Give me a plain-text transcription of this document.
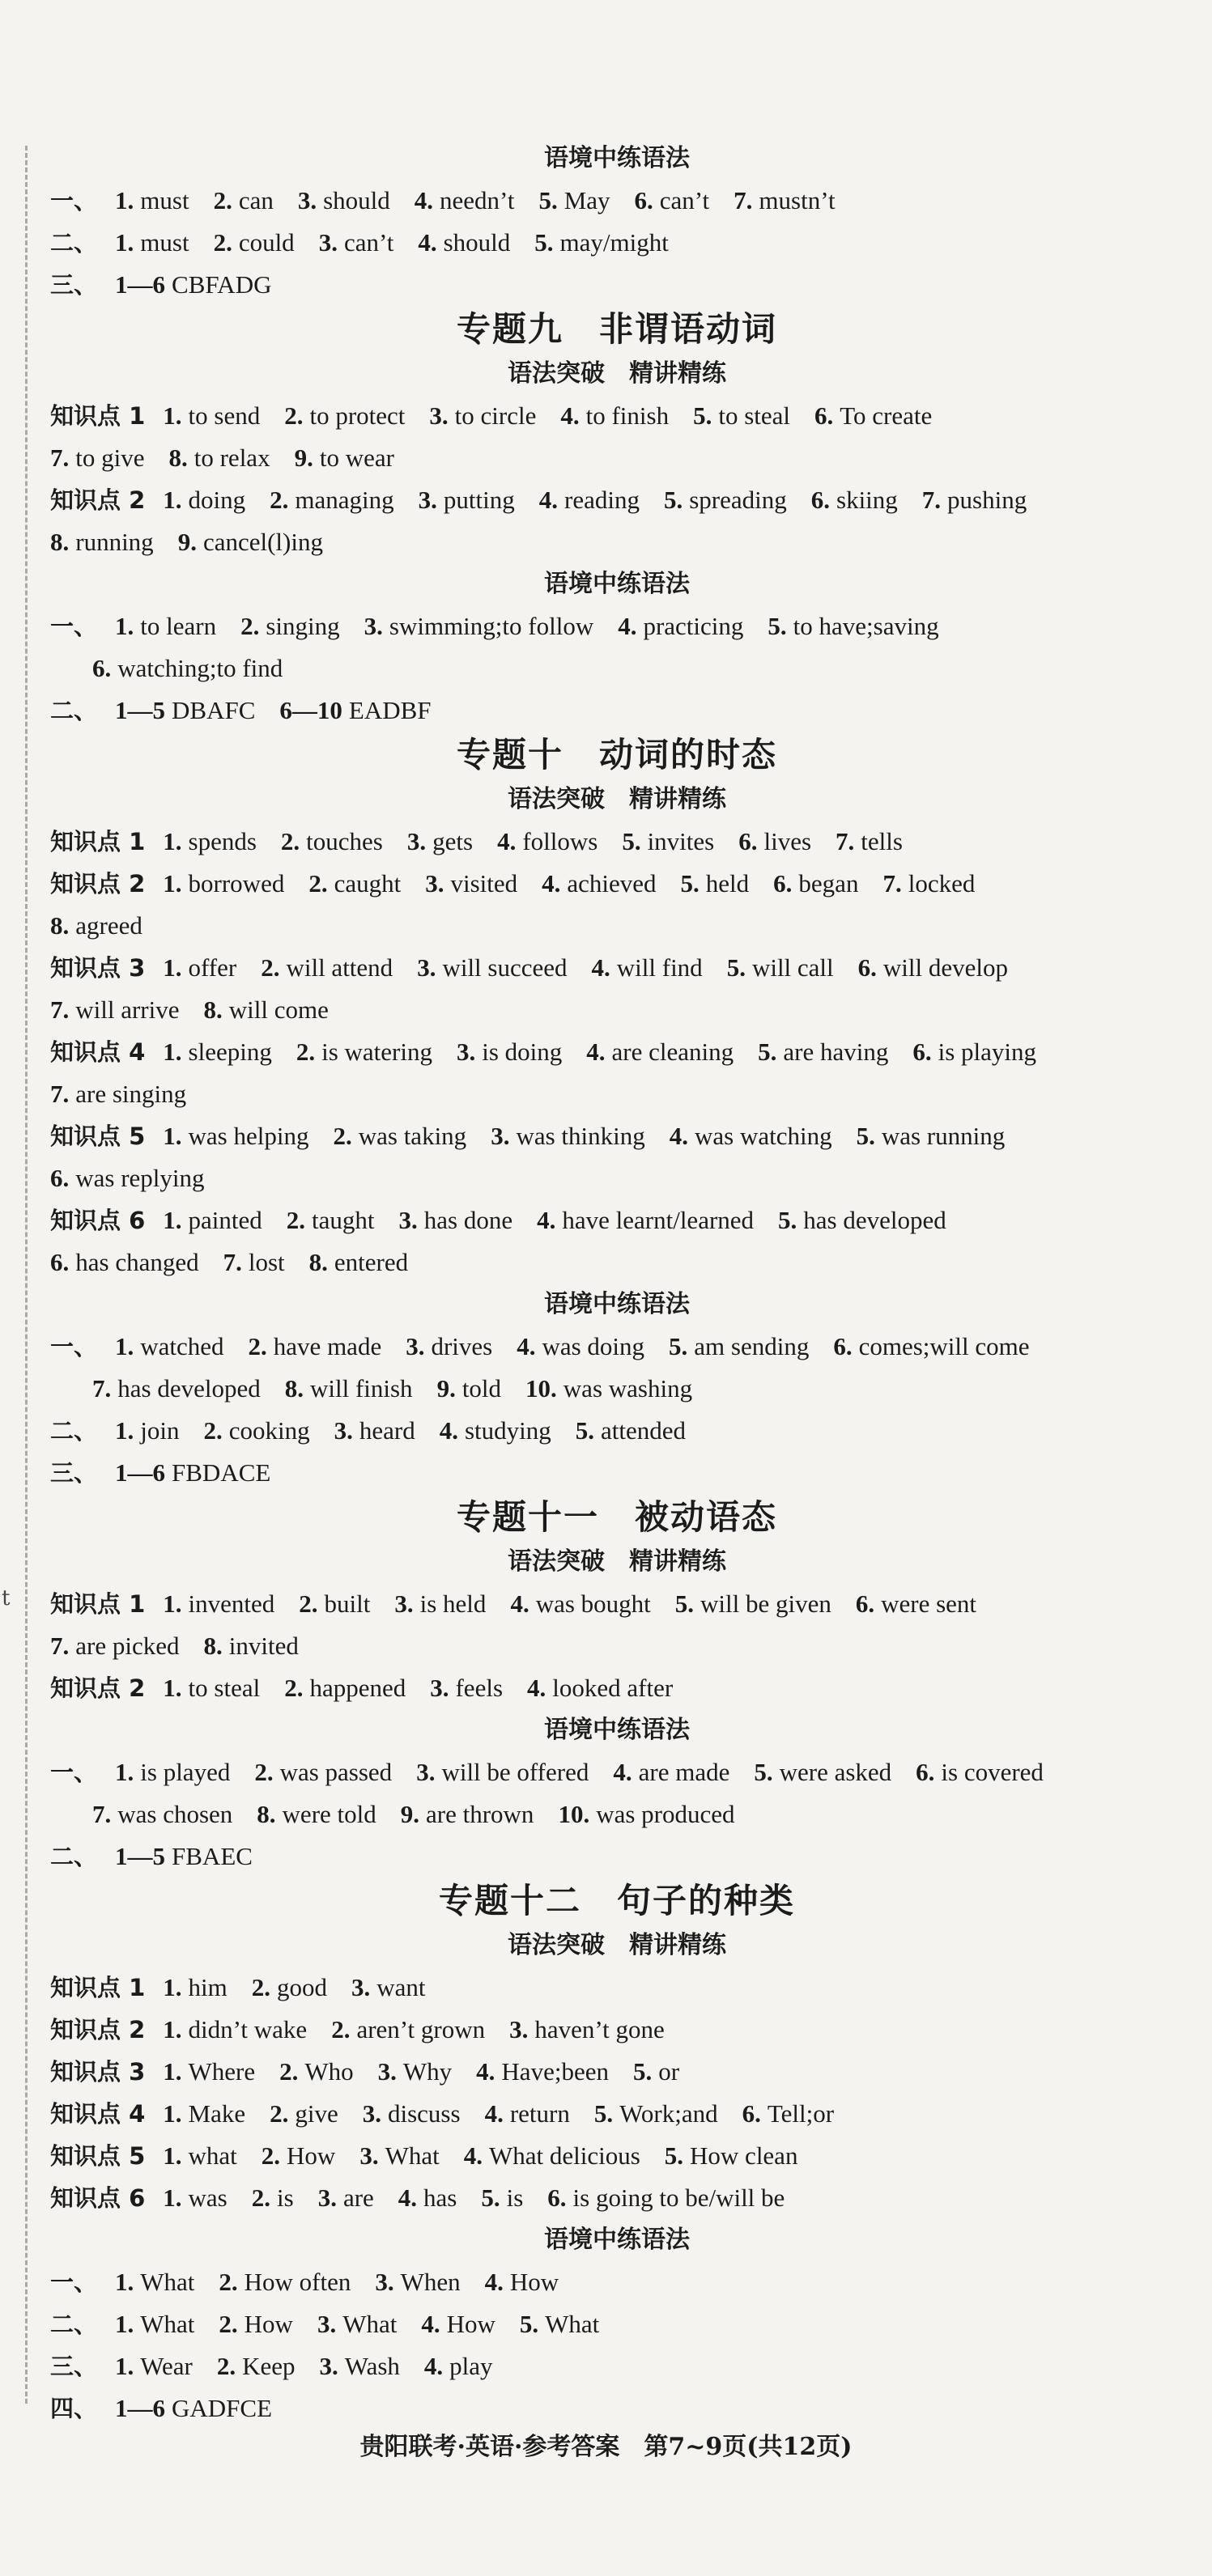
t
语境中练语法
一、 1. must 2. can 3. should 4. needn’t 5. May 6. can’t 7. mustn’t
二、 1. must 2. could 3. can’t 4. should 5. may/might
三、 1—6 CBFADG
专题九　非谓语动词
语法突破　精讲精练
知识点 1 1. to send 2. to protect 3. to circle 4. to finish 5. to steal 6. To create
7. to give 8. to relax 9. to wear
知识点 2 1. doing 2. managing 3. putting 4. reading 5. spreading 6. skiing 7. pushing
8. running 9. cancel(l)ing
语境中练语法
一、 1. to learn 2. singing 3. swimming;to follow 4. practicing 5. to have;saving
6. watching;to find
二、 1—5 DBAFC 6—10 EADBF
专题十　动词的时态
语法突破　精讲精练
知识点 1 1. spends 2. touches 3. gets 4. follows 5. invites 6. lives 7. tells
知识点 2 1. borrowed 2. caught 3. visited 4. achieved 5. held 6. began 7. locked
8. agreed
知识点 3 1. offer 2. will attend 3. will succeed 4. will find 5. will call 6. will develop
7. will arrive 8. will come
知识点 4 1. sleeping 2. is watering 3. is doing 4. are cleaning 5. are having 6. is playing
7. are singing
知识点 5 1. was helping 2. was taking 3. was thinking 4. was watching 5. was running
6. was replying
知识点 6 1. painted 2. taught 3. has done 4. have learnt/learned 5. has developed
6. has changed 7. lost 8. entered
语境中练语法
一、 1. watched 2. have made 3. drives 4. was doing 5. am sending 6. comes;will come
7. has developed 8. will finish 9. told 10. was washing
二、 1. join 2. cooking 3. heard 4. studying 5. attended
三、 1—6 FBDACE
专题十一　被动语态
语法突破　精讲精练
知识点 1 1. invented 2. built 3. is held 4. was bought 5. will be given 6. were sent
7. are picked 8. invited
知识点 2 1. to steal 2. happened 3. feels 4. looked after
语境中练语法
一、 1. is played 2. was passed 3. will be offered 4. are made 5. were asked 6. is covered
7. was chosen 8. were told 9. are thrown 10. was produced
二、 1—5 FBAEC
专题十二　句子的种类
语法突破　精讲精练
知识点 1 1. him 2. good 3. want
知识点 2 1. didn’t wake 2. aren’t grown 3. haven’t gone
知识点 3 1. Where 2. Who 3. Why 4. Have;been 5. or
知识点 4 1. Make 2. give 3. discuss 4. return 5. Work;and 6. Tell;or
知识点 5 1. what 2. How 3. What 4. What delicious 5. How clean
知识点 6 1. was 2. is 3. are 4. has 5. is 6. is going to be/will be
语境中练语法
一、 1. What 2. How often 3. When 4. How
二、 1. What 2. How 3. What 4. How 5. What
三、 1. Wear 2. Keep 3. Wash 4. play
四、 1—6 GADFCE
贵阳联考·英语·参考答案　第7~9页(共12页)
